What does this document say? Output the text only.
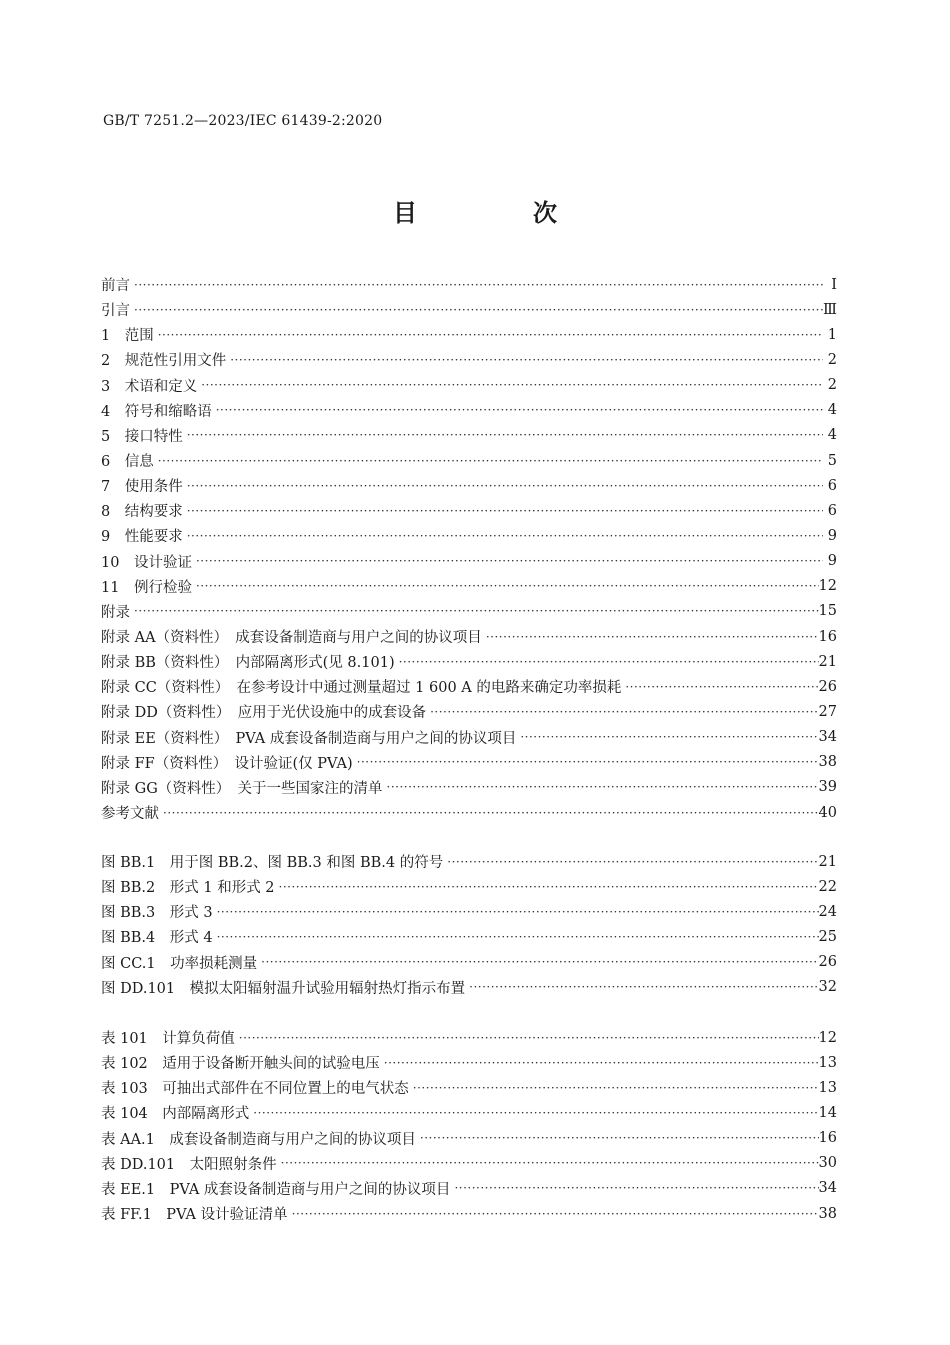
GB/T 7251.2—2023/IEC 61439-2:2020
目　次
前言 ·····	Ⅰ
引言 ·····	Ⅲ
1　范围 ·····	1
2　规范性引用文件 ·····	2
3　术语和定义 ·····	2
4　符号和缩略语 ·····	4
5　接口特性 ·····	4
6　信息 ·····	5
7　使用条件 ·····	6
8　结构要求 ·····	6
9　性能要求 ·····	9
10　设计验证 ·····	9
11　例行检验 ·····	12
附录 ·····	15
附录 AA（资料性）　成套设备制造商与用户之间的协议项目 ·····	16
附录 BB（资料性）　内部隔离形式(见 8.101) ·····	21
附录 CC（资料性）　在参考设计中通过测量超过 1 600 A 的电路来确定功率损耗 ·····	26
附录 DD（资料性）　应用于光伏设施中的成套设备 ·····	27
附录 EE（资料性）　PVA 成套设备制造商与用户之间的协议项目 ·····	34
附录 FF（资料性）　设计验证(仅 PVA) ·····	38
附录 GG（资料性）　关于一些国家注的清单 ·····	39
参考文献 ·····	40
图 BB.1　用于图 BB.2、图 BB.3 和图 BB.4 的符号 ·····	21
图 BB.2　形式 1 和形式 2 ·····	22
图 BB.3　形式 3 ·····	24
图 BB.4　形式 4 ·····	25
图 CC.1　功率损耗测量 ·····	26
图 DD.101　模拟太阳辐射温升试验用辐射热灯指示布置 ·····	32
表 101　计算负荷值 ·····	12
表 102　适用于设备断开触头间的试验电压 ·····	13
表 103　可抽出式部件在不同位置上的电气状态 ·····	13
表 104　内部隔离形式 ·····	14
表 AA.1　成套设备制造商与用户之间的协议项目 ·····	16
表 DD.101　太阳照射条件 ·····	30
表 EE.1　PVA 成套设备制造商与用户之间的协议项目 ·····	34
表 FF.1　PVA 设计验证清单 ·····	38
